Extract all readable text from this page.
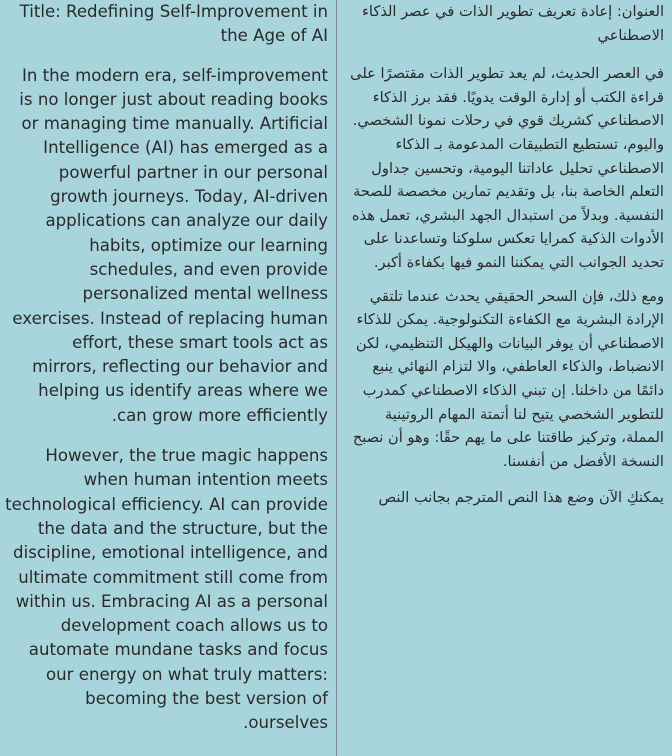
Title: Redefining Self-Improvement in the Age of AI

In the modern era, self-improvement is no longer just about reading books or managing time manually. Artificial Intelligence (AI) has emerged as a powerful partner in our personal growth journeys. Today, AI-driven applications can analyze our daily habits, optimize our learning schedules, and even provide personalized mental wellness exercises. Instead of replacing human effort, these smart tools act as mirrors, reflecting our behavior and helping us identify areas where we can grow more efficiently.

However, the true magic happens when human intention meets technological efficiency. AI can provide the data and the structure, but the discipline, emotional intelligence, and ultimate commitment still come from within us. Embracing AI as a personal development coach allows us to automate mundane tasks and focus our energy on what truly matters: becoming the best version of ourselves.

العنوان: إعادة تعريف تطوير الذات في عصر الذكاء الاصطناعي

في العصر الحديث، لم يعد تطوير الذات مقتصرًا على قراءة الكتب أو إدارة الوقت يدويًا. فقد برز الذكاء الاصطناعي كشريك قوي في رحلات نمونا الشخصي. واليوم، تستطيع التطبيقات المدعومة بـ الذكاء الاصطناعي تحليل عاداتنا اليومية، وتحسين جداول التعلم الخاصة بنا، بل وتقديم تمارين مخصصة للصحة النفسية. وبدلاً من استبدال الجهد البشري، تعمل هذه الأدوات الذكية كمرايا تعكس سلوكنا وتساعدنا على تحديد الجوانب التي يمكننا النمو فيها بكفاءة أكبر.

ومع ذلك، فإن السحر الحقيقي يحدث عندما تلتقي الإرادة البشرية مع الكفاءة التكنولوجية. يمكن للذكاء الاصطناعي أن يوفر البيانات والهيكل التنظيمي، لكن الانضباط، والذكاء العاطفي، والا لتزام النهائي ينبع دائمًا من داخلنا. إن تبني الذكاء الاصطناعي كمدرب للتطوير الشخصي يتيح لنا أتمتة المهام الروتينية المملة، وتركيز طاقتنا على ما يهم حقًا: وهو أن نصبح النسخة الأفضل من أنفسنا.

يمكنكِ الآن وضع هذا النص المترجم بجانب النص
